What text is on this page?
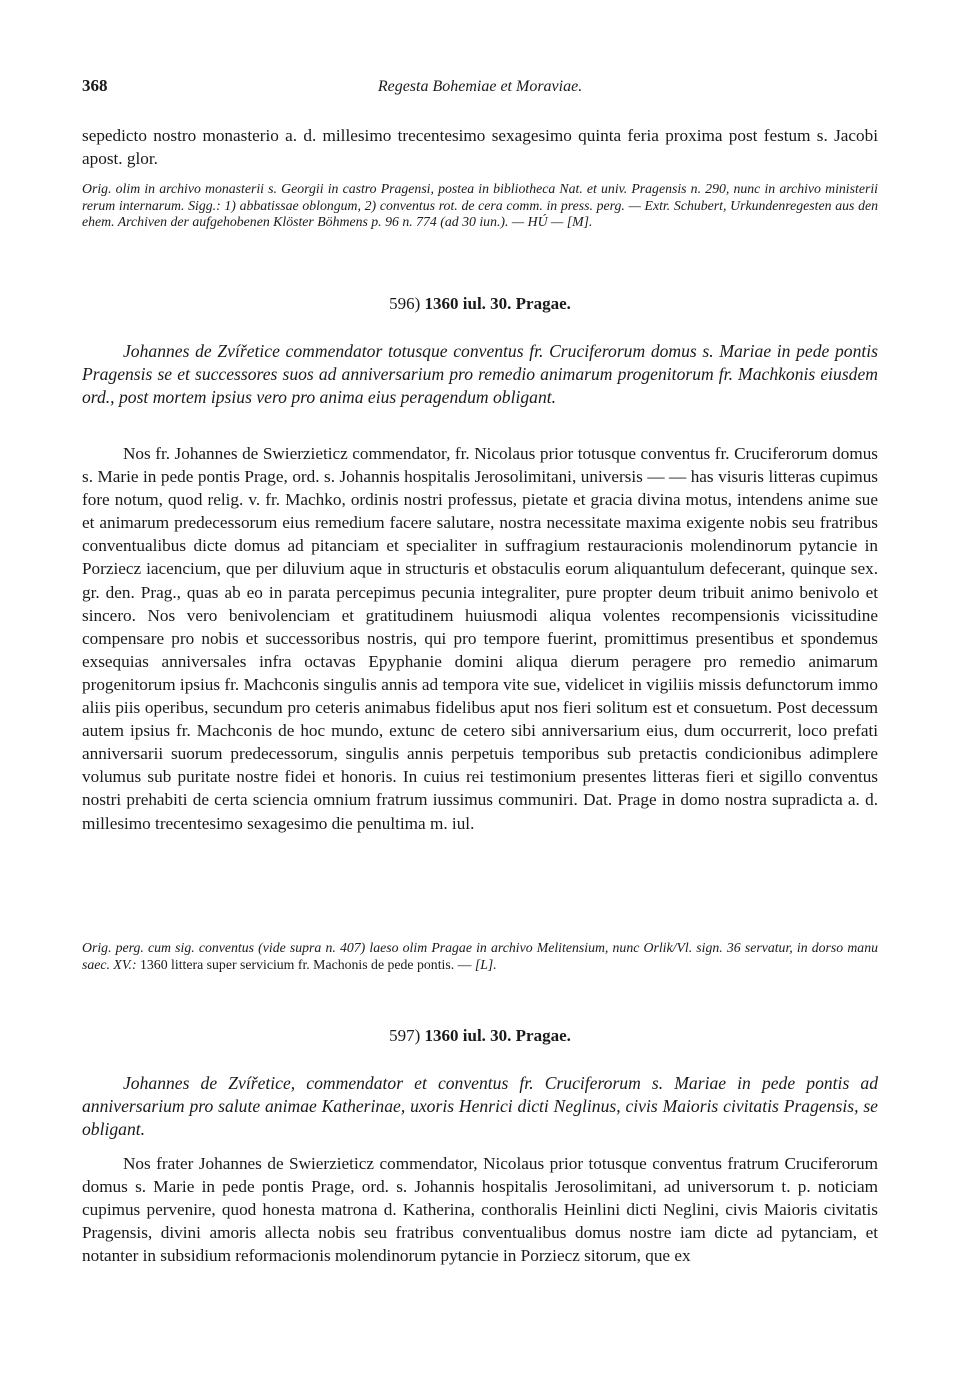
368	Regesta Bohemiae et Moraviae.

sepedicto nostro monasterio a. d. millesimo trecentesimo sexagesimo quinta feria proxima post festum s. Jacobi apost. glor.

Orig. olim in archivo monasterii s. Georgii in castro Pragensi, postea in bibliotheca Nat. et univ. Pragensis n. 290, nunc in archivo ministerii rerum internarum. Sigg.: 1) abbatissae oblongum, 2) conventus rot. de cera comm. in press. perg. — Extr. Schubert, Urkundenregesten aus den ehem. Archiven der aufgehobenen Klöster Böhmens p. 96 n. 774 (ad 30 iun.). — HÚ — [M].

596) 1360 iul. 30. Pragae.

Johannes de Zvířetice commendator totusque conventus fr. Cruciferorum domus s. Mariae in pede pontis Pragensis se et successores suos ad anniversarium pro remedio animarum progenitorum fr. Machkonis eiusdem ord., post mortem ipsius vero pro anima eius peragendum obligant.

Nos fr. Johannes de Swierzieticz commendator, fr. Nicolaus prior totusque conventus fr. Cruciferorum domus s. Marie in pede pontis Prage, ord. s. Johannis hospitalis Jerosolimitani, universis — — has visuris litteras cupimus fore notum, quod relig. v. fr. Machko, ordinis nostri professus, pietate et gracia divina motus, intendens anime sue et animarum predecessorum eius remedium facere salutare, nostra necessitate maxima exigente nobis seu fratribus conventualibus dicte domus ad pitanciam et specialiter in suffragium restauracionis molendinorum pytancie in Porziecz iacencium, que per diluvium aque in structuris et obstaculis eorum aliquantulum defecerant, quinque sex. gr. den. Prag., quas ab eo in parata percepimus pecunia integraliter, pure propter deum tribuit animo benivolo et sincero. Nos vero benivolenciam et gratitudinem huiusmodi aliqua volentes recompensionis vicissitudine compensare pro nobis et successoribus nostris, qui pro tempore fuerint, promittimus presentibus et spondemus exsequias anniversales infra octavas Epyphanie domini aliqua dierum peragere pro remedio animarum progenitorum ipsius fr. Machconis singulis annis ad tempora vite sue, videlicet in vigiliis missis defunctorum immo aliis piis operibus, secundum pro ceteris animabus fidelibus aput nos fieri solitum est et consuetum. Post decessum autem ipsius fr. Machconis de hoc mundo, extunc de cetero sibi anniversarium eius, dum occurrerit, loco prefati anniversarii suorum predecessorum, singulis annis perpetuis temporibus sub pretactis condicionibus adimplere volumus sub puritate nostre fidei et honoris. In cuius rei testimonium presentes litteras fieri et sigillo conventus nostri prehabiti de certa sciencia omnium fratrum iussimus communiri. Dat. Prage in domo nostra supradicta a. d. millesimo trecentesimo sexagesimo die penultima m. iul.

Orig. perg. cum sig. conventus (vide supra n. 407) laeso olim Pragae in archivo Melitensium, nunc Orlik/Vl. sign. 36 servatur, in dorso manu saec. XV.: 1360 littera super servicium fr. Machonis de pede pontis. — [L].

597) 1360 iul. 30. Pragae.

Johannes de Zvířetice, commendator et conventus fr. Cruciferorum s. Mariae in pede pontis ad anniversarium pro salute animae Katherinae, uxoris Henrici dicti Neglinus, civis Maioris civitatis Pragensis, se obligant.

Nos frater Johannes de Swierzieticz commendator, Nicolaus prior totusque conventus fratrum Cruciferorum domus s. Marie in pede pontis Prage, ord. s. Johannis hospitalis Jerosolimitani, ad universorum t. p. noticiam cupimus pervenire, quod honesta matrona d. Katherina, conthoralis Heinlini dicti Neglini, civis Maioris civitatis Pragensis, divini amoris allecta nobis seu fratribus conventualibus domus nostre iam dicte ad pytanciam, et notanter in subsidium reformacionis molendinorum pytancie in Porziecz sitorum, que ex
